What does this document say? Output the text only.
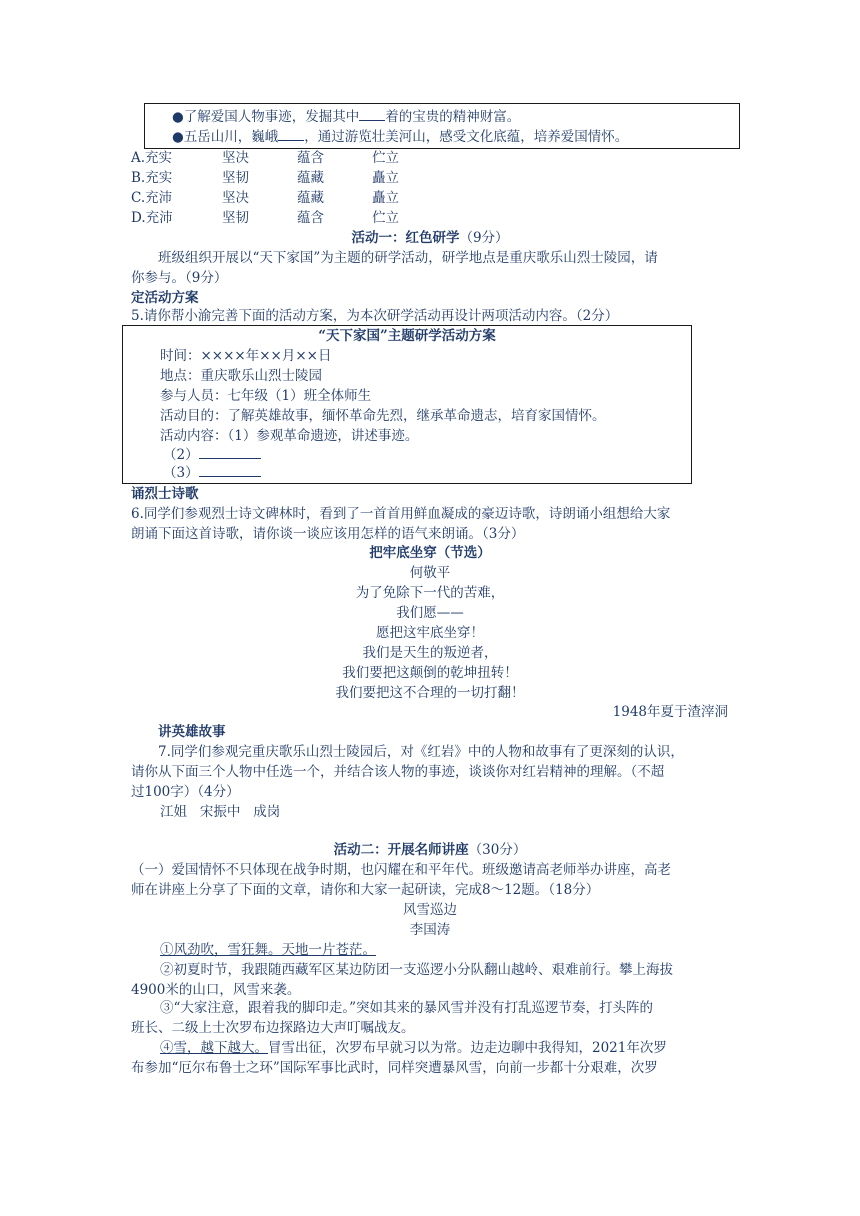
●了解爱国人物事迹，发掘其中 着的宝贵的精神财富。
●五岳山川，巍峨 ，通过游览壮美河山，感受文化底蕴，培养爱国情怀。
A.充实
B.充实
C.充沛
D.充沛
坚决
坚韧
坚决
坚韧
蕴含
蕴藏
蕴藏
蕴含
伫立
矗立
矗立
伫立
活动一：红色研学（9分）
班级组织开展以“天下家国”为主题的研学活动，研学地点是重庆歌乐山烈士陵园，请
你参与。（9分）
定活动方案
5.请你帮小渝完善下面的活动方案，为本次研学活动再设计两项活动内容。（2分）
“天下家国”主题研学活动方案
时间：××××年××月××日
地点：重庆歌乐山烈士陵园
参与人员：七年级（1）班全体师生
活动目的：了解英雄故事，缅怀革命先烈，继承革命遗志，培育家国情怀。
活动内容：（1）参观革命遗迹，讲述事迹。
（2）
（3）
诵烈士诗歌
6.同学们参观烈士诗文碑林时，看到了一首首用鲜血凝成的豪迈诗歌，诗朗诵小组想给大家
朗诵下面这首诗歌，请你谈一谈应该用怎样的语气来朗诵。（3分）
把牢底坐穿（节选）
何敬平
为了免除下一代的苦难，
我们愿——
愿把这牢底坐穿！
我们是天生的叛逆者，
我们要把这颠倒的乾坤扭转！
我们要把这不合理的一切打翻！
1948年夏于渣滓洞
讲英雄故事
7.同学们参观完重庆歌乐山烈士陵园后，对《红岩》中的人物和故事有了更深刻的认识，
请你从下面三个人物中任选一个，并结合该人物的事迹，谈谈你对红岩精神的理解。（不超
过100字）（4分）
江姐   宋振中   成岗
活动二：开展名师讲座（30分）
（一）爱国情怀不只体现在战争时期，也闪耀在和平年代。班级邀请高老师举办讲座，高老
师在讲座上分享了下面的文章，请你和大家一起研读，完成8～12题。（18分）
风雪巡边
李国涛
①风劲吹，雪狂舞。天地一片苍茫。
②初夏时节，我跟随西藏军区某边防团一支巡逻小分队翻山越岭、艰难前行。攀上海拔
4900米的山口，风雪来袭。
③“大家注意，跟着我的脚印走。”突如其来的暴风雪并没有打乱巡逻节奏，打头阵的
班长、二级上士次罗布边探路边大声叮嘱战友。
④雪，越下越大。冒雪出征，次罗布早就习以为常。边走边聊中我得知，2021年次罗
布参加“厄尔布鲁士之环”国际军事比武时，同样突遭暴风雪，向前一步都十分艰难，次罗
